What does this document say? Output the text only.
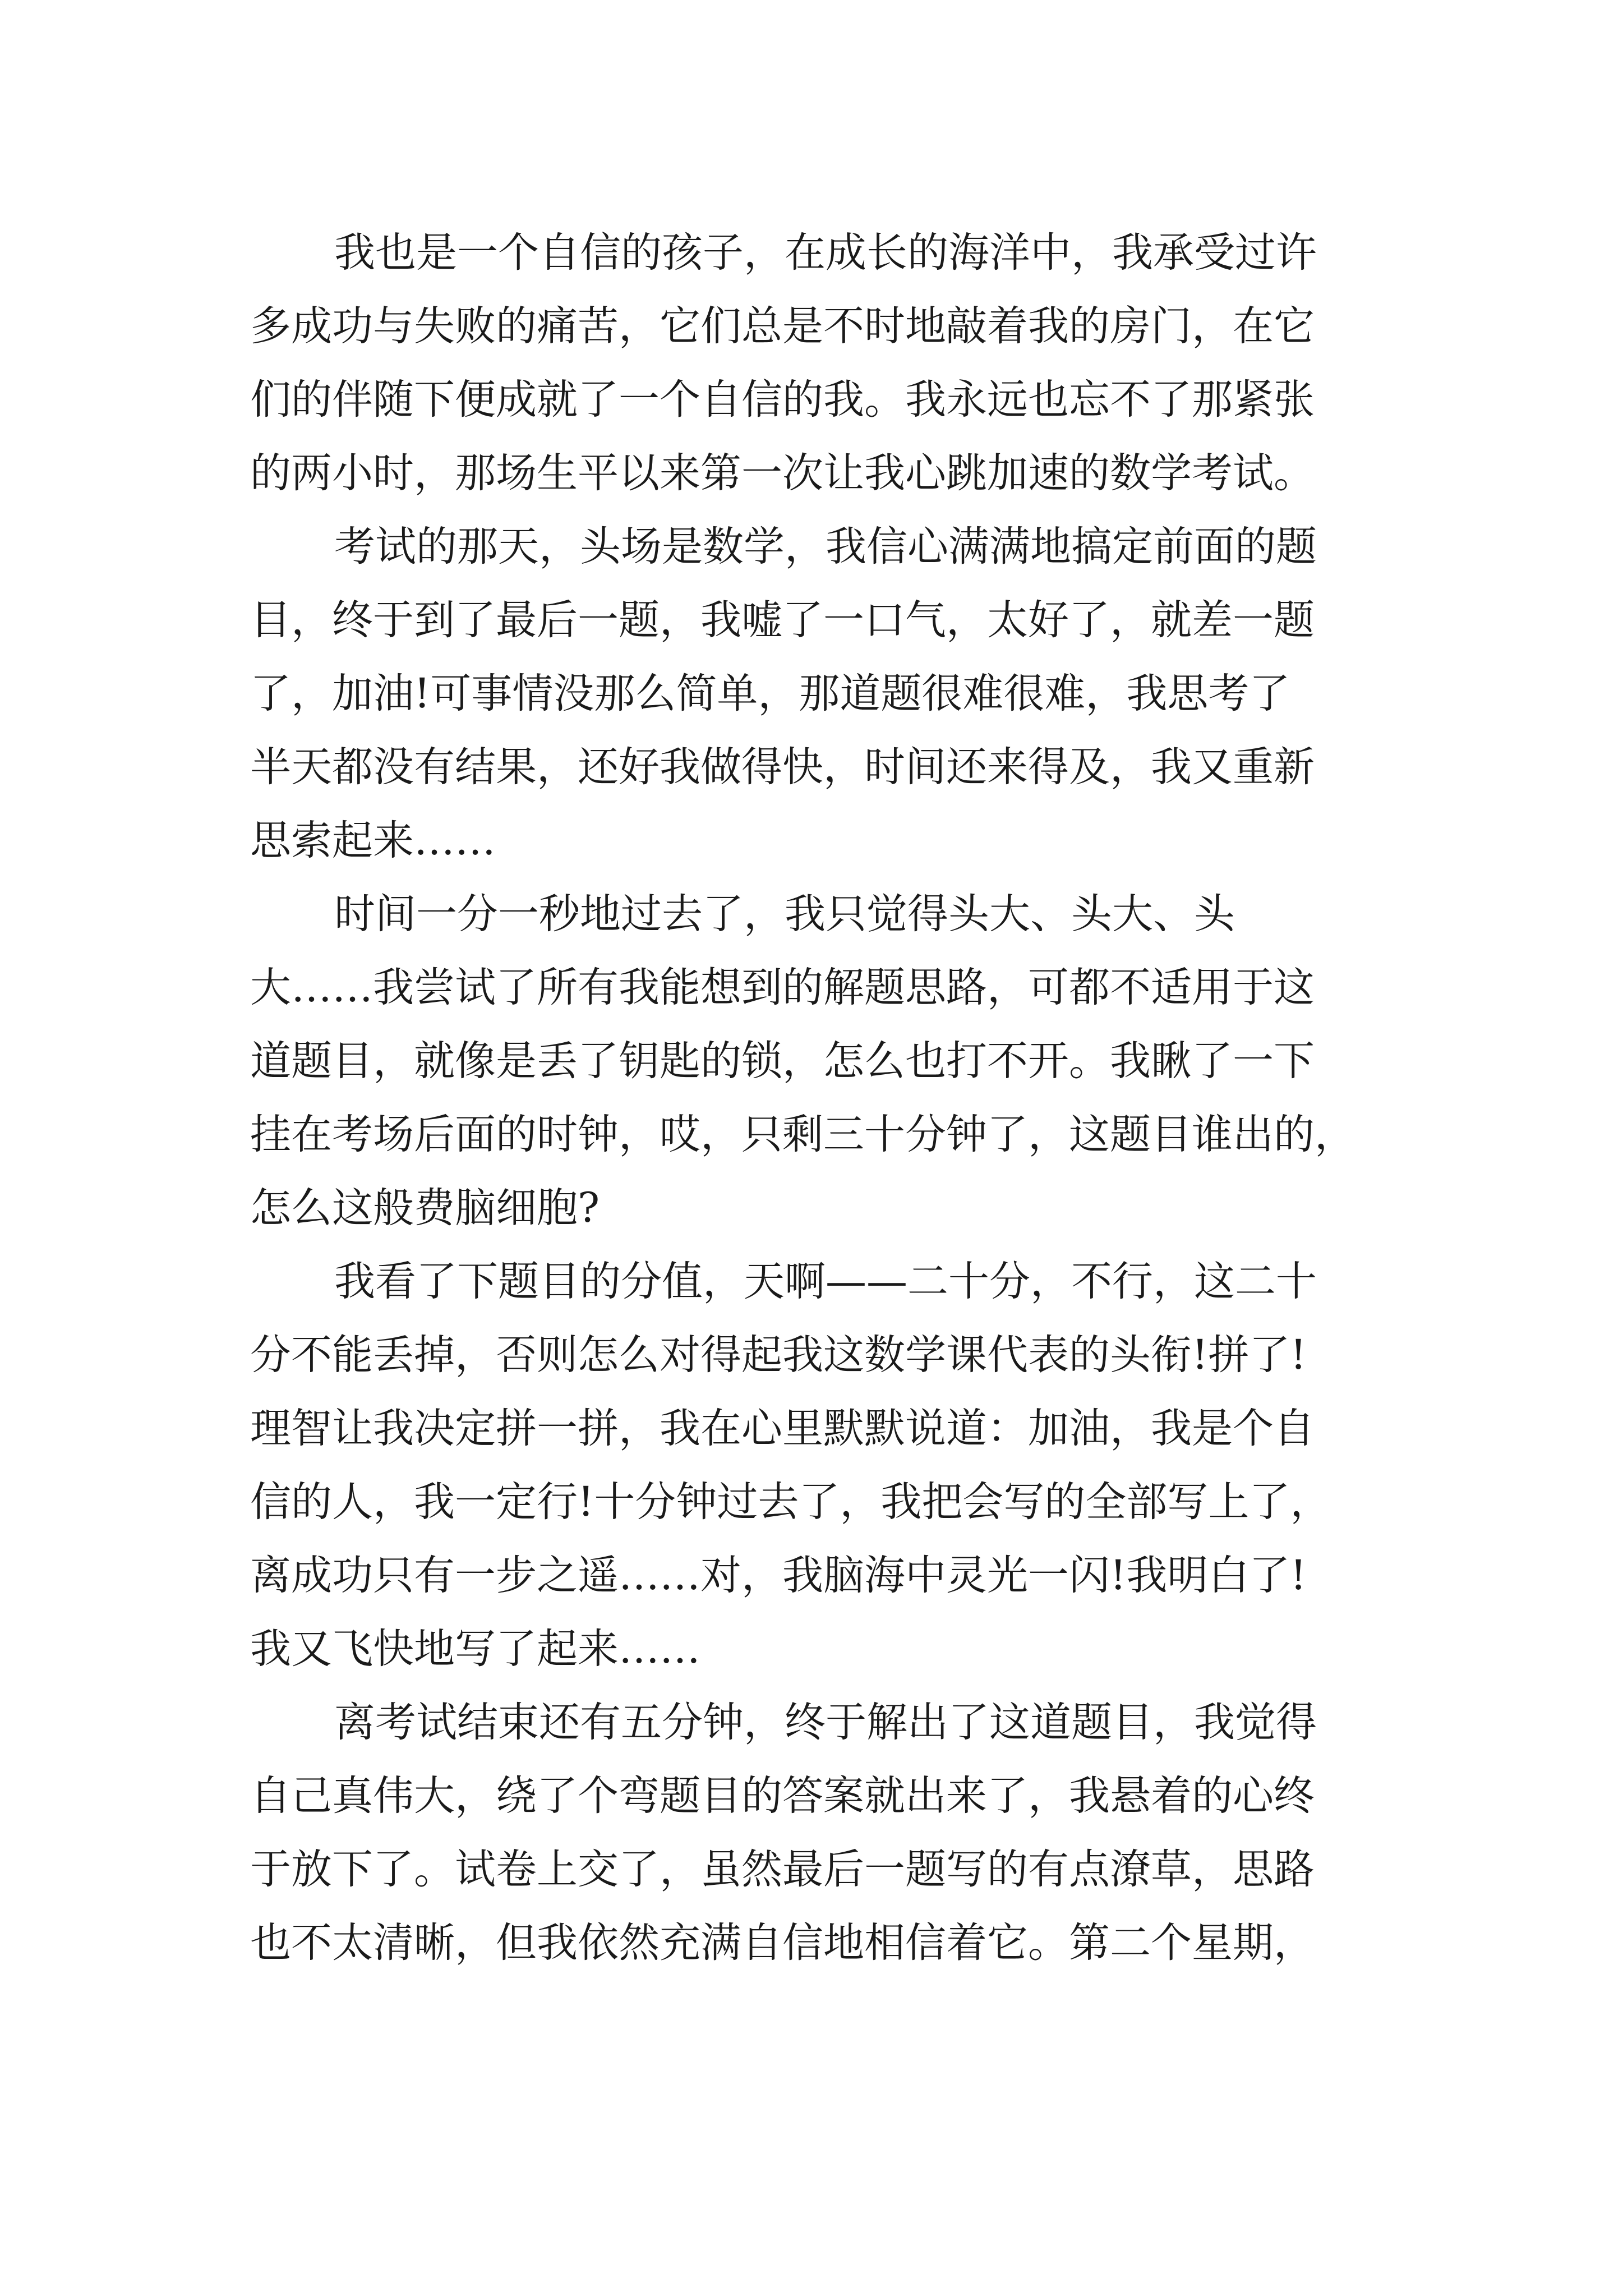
我也是一个自信的孩子，在成长的海洋中，我承受过许
多成功与失败的痛苦，它们总是不时地敲着我的房门，在它
们的伴随下便成就了一个自信的我。我永远也忘不了那紧张
的两小时，那场生平以来第一次让我心跳加速的数学考试。
考试的那天，头场是数学，我信心满满地搞定前面的题
目，终于到了最后一题，我嘘了一口气，太好了，就差一题
了，加油!可事情没那么简单，那道题很难很难，我思考了
半天都没有结果，还好我做得快，时间还来得及，我又重新
思索起来……
时间一分一秒地过去了，我只觉得头大、头大、头
大……我尝试了所有我能想到的解题思路，可都不适用于这
道题目，就像是丢了钥匙的锁，怎么也打不开。我瞅了一下
挂在考场后面的时钟，哎，只剩三十分钟了，这题目谁出的，
怎么这般费脑细胞?
我看了下题目的分值，天啊——二十分，不行，这二十
分不能丢掉，否则怎么对得起我这数学课代表的头衔!拼了!
理智让我决定拼一拼，我在心里默默说道：加油，我是个自
信的人，我一定行!十分钟过去了，我把会写的全部写上了，
离成功只有一步之遥……对，我脑海中灵光一闪!我明白了!
我又飞快地写了起来……
离考试结束还有五分钟，终于解出了这道题目，我觉得
自己真伟大，绕了个弯题目的答案就出来了，我悬着的心终
于放下了。试卷上交了，虽然最后一题写的有点潦草，思路
也不太清晰，但我依然充满自信地相信着它。第二个星期，
